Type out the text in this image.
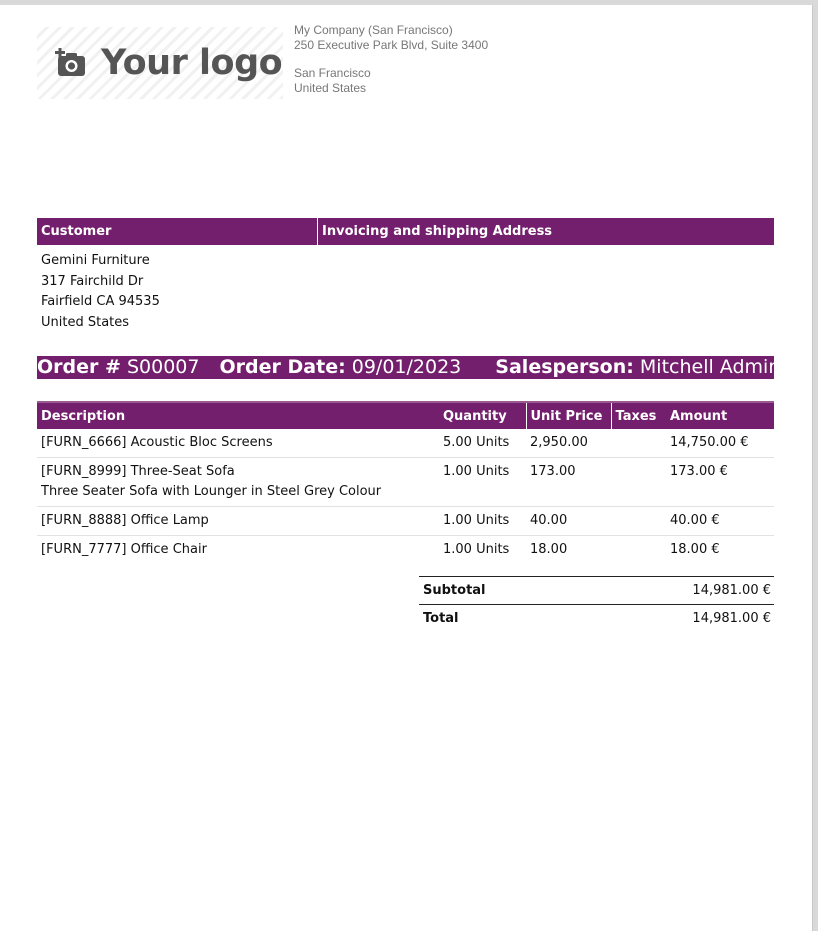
Your logo
My Company (San Francisco)
250 Executive Park Blvd, Suite 3400
San Francisco
United States
Customer	Invoicing and shipping Address
Gemini Furniture
317 Fairchild Dr
Fairfield CA 94535
United States
Order # S00007 Order Date: 09/01/2023 Salesperson: Mitchell Admin
Description	Quantity	Unit Price	Taxes	Amount

[FURN_6666] Acoustic Bloc Screens	5.00 Units	2,950.00		14,750.00 €

[FURN_8999] Three-Seat Sofa
Three Seater Sofa with Lounger in Steel Grey Colour	1.00 Units	173.00		173.00 €

[FURN_8888] Office Lamp	1.00 Units	40.00		40.00 €

[FURN_7777] Office Chair	1.00 Units	18.00		18.00 €
Subtotal	14,981.00 €
Total	14,981.00 €
